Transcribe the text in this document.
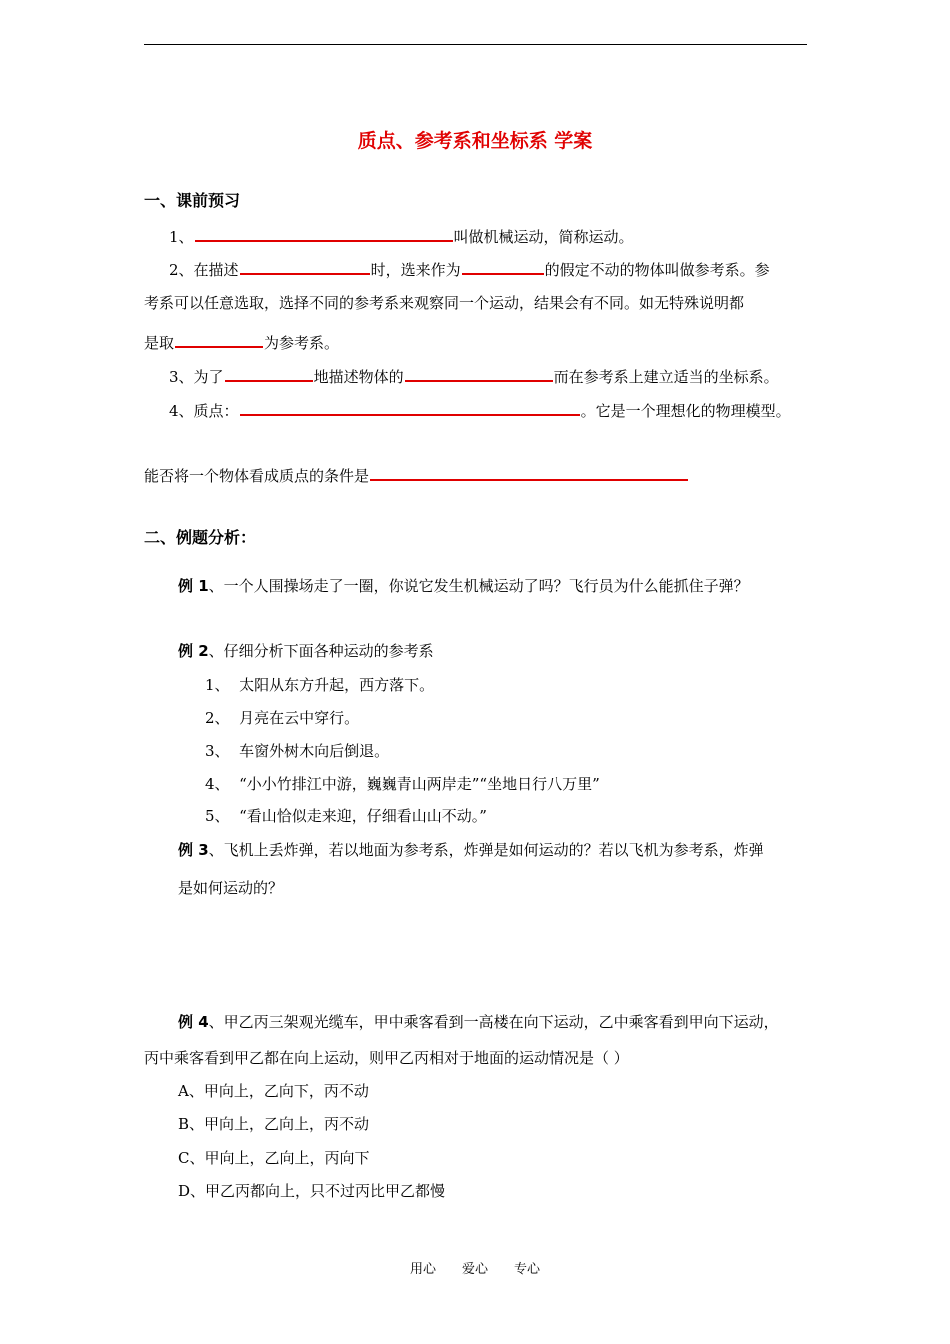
质点、参考系和坐标系 学案
一、课前预习
1、	叫做机械运动，简称运动。
2、在描述	时，选来作为	的假定不动的物体叫做参考系。参
考系可以任意选取，选择不同的参考系来观察同一个运动，结果会有不同。如无特殊说明都
是取	为参考系。
3、为了	地描述物体的	而在参考系上建立适当的坐标系。
4、质点：	。它是一个理想化的物理模型。
能否将一个物体看成质点的条件是
二、例题分析：
例 1、一个人围操场走了一圈，你说它发生机械运动了吗？飞行员为什么能抓住子弹？
例 2、仔细分析下面各种运动的参考系
1、 太阳从东方升起，西方落下。
2、 月亮在云中穿行。
3、 车窗外树木向后倒退。
4、 “小小竹排江中游，巍巍青山两岸走”“坐地日行八万里”
5、 “看山恰似走来迎，仔细看山山不动。”
例 3、飞机上丢炸弹，若以地面为参考系，炸弹是如何运动的？若以飞机为参考系，炸弹
是如何运动的？
例 4、甲乙丙三架观光缆车，甲中乘客看到一高楼在向下运动，乙中乘客看到甲向下运动，
丙中乘客看到甲乙都在向上运动，则甲乙丙相对于地面的运动情况是（ ）
A、甲向上，乙向下，丙不动
B、甲向上，乙向上，丙不动
C、甲向上，乙向上，丙向下
D、甲乙丙都向上，只不过丙比甲乙都慢
用心　　爱心　　专心
